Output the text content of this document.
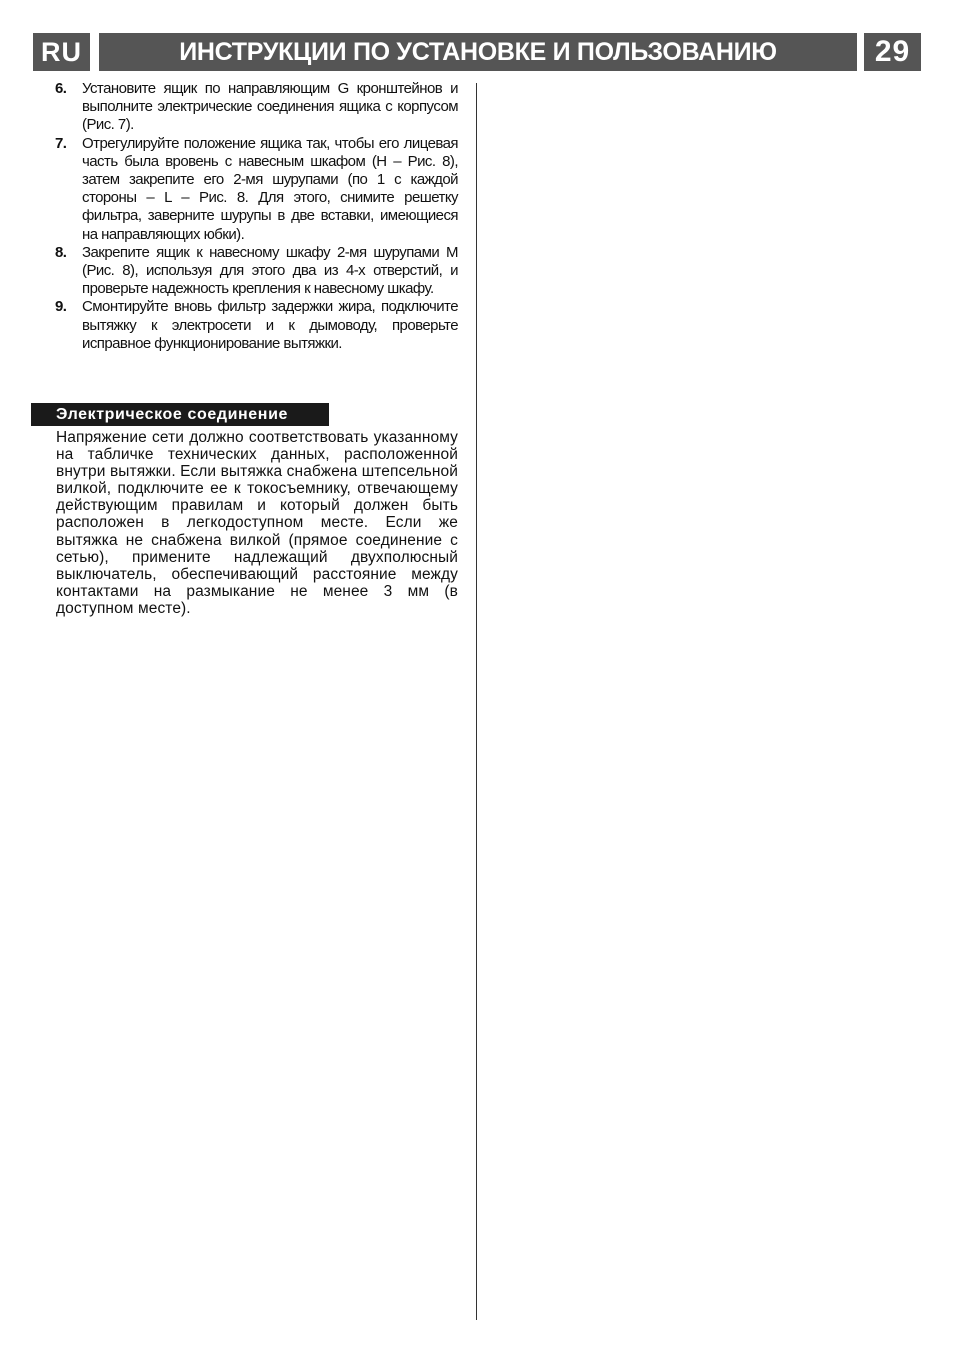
RU	ИНСТРУКЦИИ ПО УСТАНОВКЕ И ПОЛЬЗОВАНИЮ	29
6.	Установите ящик по направляющим G кронштейнов и выполните электрические соединения ящика с корпусом (Рис. 7).
7.	Отрегулируйте положение ящика так, чтобы его лицевая часть была вровень с навесным шкафом (H – Рис. 8), затем закрепите его 2-мя шурупами (по 1 с каждой стороны – L – Рис. 8. Для этого, снимите решетку фильтра, заверните шурупы в две вставки, имеющиеся на направляющих юбки).
8.	Закрепите ящик к навесному шкафу 2-мя шурупами M (Рис. 8), используя для этого два из 4-х отверстий, и проверьте надежность крепления к навесному шкафу.
9.	Смонтируйте вновь фильтр задержки жира, подключите вытяжку к электросети и к дымоводу, проверьте исправное функционирование вытяжки.
Электрическое соединение
Напряжение сети должно соответствовать указанному на табличке технических данных, расположенной внутри вытяжки. Если вытяжка снабжена штепсельной вилкой, подключите ее к токосъемнику, отвечающему действующим правилам и который должен быть расположен в легкодоступном месте. Если же вытяжка не снабжена вилкой (прямое соединение с сетью), примените надлежащий двухполюсный выключатель, обеспечивающий расстояние между контактами на размыкание не менее 3 мм (в доступном месте).
